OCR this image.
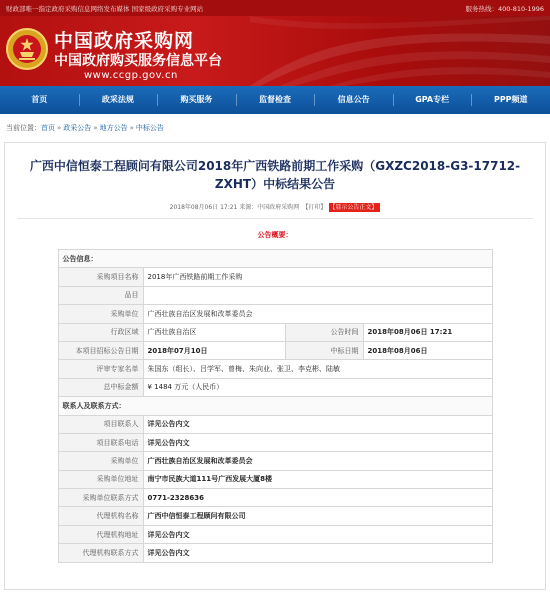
财政部唯一指定政府采购信息网络发布媒体 国家级政府采购专业网站	服务热线：400-810-1996
中国政府采购网
中国政府购买服务信息平台
www.ccgp.gov.cn
首页	政采法规	购买服务	监督检查	信息公告	GPA专栏	PPP频道
当前位置： 首页 » 政采公告 » 地方公告 » 中标公告
广西中信恒泰工程顾问有限公司2018年广西铁路前期工作采购（GXZC2018-G3-17712-ZXHT）中标结果公告
2018年08月06日 17:21 来源：中国政府采购网 【打印】 【显示公告正文】
公告概要：
公告信息：			
采购项目名称	2018年广西铁路前期工作采购		
品目			
采购单位	广西壮族自治区发展和改革委员会		
行政区域	广西壮族自治区	公告时间	2018年08月06日 17:21
本项目招标公告日期	2018年07月10日	中标日期	2018年08月06日
评审专家名单	朱国东（组长）、吕学军、曾梅、朱向业、张卫、李克彬、陆敏		
总中标金额	¥ 1484 万元（人民币）		
联系人及联系方式：			
项目联系人	详见公告内文		
项目联系电话	详见公告内文		
采购单位	广西壮族自治区发展和改革委员会		
采购单位地址	南宁市民族大道111号广西发展大厦8楼		
采购单位联系方式	0771-2328636		
代理机构名称	广西中信恒泰工程顾问有限公司		
代理机构地址	详见公告内文		
代理机构联系方式	详见公告内文		
